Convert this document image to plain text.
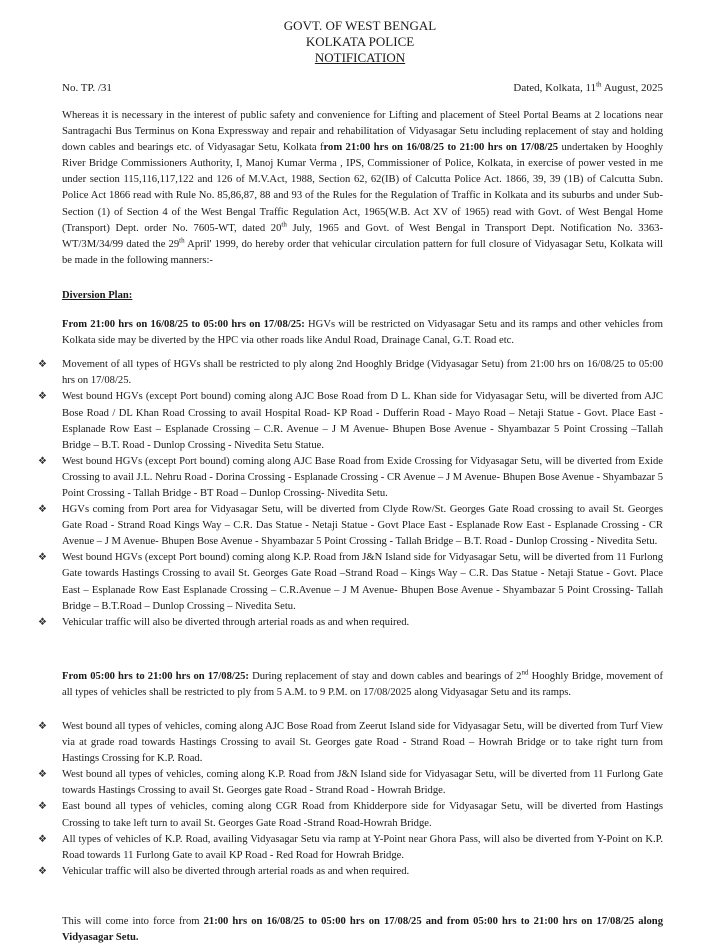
GOVT. OF WEST BENGAL
KOLKATA POLICE
NOTIFICATION
No. TP. /31	Dated, Kolkata, 11th August, 2025

Whereas it is necessary in the interest of public safety and convenience for Lifting and placement of Steel Portal Beams at 2 locations near Santragachi Bus Terminus on Kona Expressway and repair and rehabilitation of Vidyasagar Setu including replacement of stay and holding down cables and bearings etc. of Vidyasagar Setu, Kolkata from 21:00 hrs on 16/08/25 to 21:00 hrs on 17/08/25 undertaken by Hooghly River Bridge Commissioners Authority, I, Manoj Kumar Verma , IPS, Commissioner of Police, Kolkata, in exercise of power vested in me under section 115,116,117,122 and 126 of M.V.Act, 1988, Section 62, 62(IB) of Calcutta Police Act. 1866, 39, 39 (1B) of Calcutta Subn. Police Act 1866 read with Rule No. 85,86,87, 88 and 93 of the Rules for the Regulation of Traffic in Kolkata and its suburbs and under Sub-Section (1) of Section 4 of the West Bengal Traffic Regulation Act, 1965(W.B. Act XV of 1965) read with Govt. of West Bengal Home (Transport) Dept. order No. 7605-WT, dated 20th July, 1965 and Govt. of West Bengal in Transport Dept. Notification No. 3363-WT/3M/34/99 dated the 29th April' 1999, do hereby order that vehicular circulation pattern for full closure of Vidyasagar Setu, Kolkata will be made in the following manners:-

Diversion Plan:

From 21:00 hrs on 16/08/25 to 05:00 hrs on 17/08/25: HGVs will be restricted on Vidyasagar Setu and its ramps and other vehicles from Kolkata side may be diverted by the HPC via other roads like Andul Road, Drainage Canal, G.T. Road etc.

❖ Movement of all types of HGVs shall be restricted to ply along 2nd Hooghly Bridge (Vidyasagar Setu) from 21:00 hrs on 16/08/25 to 05:00 hrs on 17/08/25.
❖ West bound HGVs (except Port bound) coming along AJC Bose Road from D L. Khan side for Vidyasagar Setu, will be diverted from AJC Bose Road / DL Khan Road Crossing to avail Hospital Road- KP Road - Dufferin Road - Mayo Road – Netaji Statue - Govt. Place East - Esplanade Row East – Esplanade Crossing – C.R. Avenue – J M Avenue- Bhupen Bose Avenue - Shyambazar 5 Point Crossing –Tallah Bridge – B.T. Road - Dunlop Crossing - Nivedita Setu Statue.
❖ West bound HGVs (except Port bound) coming along AJC Base Road from Exide Crossing for Vidyasagar Setu, will be diverted from Exide Crossing to avail J.L. Nehru Road - Dorina Crossing - Esplanade Crossing - CR Avenue – J M Avenue- Bhupen Bose Avenue - Shyambazar 5 Point Crossing - Tallah Bridge - BT Road – Dunlop Crossing- Nivedita Setu.
❖ HGVs coming from Port area for Vidyasagar Setu, will be diverted from Clyde Row/St. Georges Gate Road crossing to avail St. Georges Gate Road - Strand Road Kings Way – C.R. Das Statue - Netaji Statue - Govt Place East - Esplanade Row East - Esplanade Crossing - CR Avenue – J M Avenue- Bhupen Bose Avenue - Shyambazar 5 Point Crossing - Tallah Bridge – B.T. Road - Dunlop Crossing - Nivedita Setu.
❖ West bound HGVs (except Port bound) coming along K.P. Road from J&N Island side for Vidyasagar Setu, will be diverted from 11 Furlong Gate towards Hastings Crossing to avail St. Georges Gate Road –Strand Road – Kings Way – C.R. Das Statue - Netaji Statue - Govt. Place East – Esplanade Row East Esplanade Crossing – C.R.Avenue – J M Avenue- Bhupen Bose Avenue - Shyambazar 5 Point Crossing- Tallah Bridge – B.T.Road – Dunlop Crossing – Nivedita Setu.
❖ Vehicular traffic will also be diverted through arterial roads as and when required.

From 05:00 hrs to 21:00 hrs on 17/08/25: During replacement of stay and down cables and bearings of 2nd Hooghly Bridge, movement of all types of vehicles shall be restricted to ply from 5 A.M. to 9 P.M. on 17/08/2025 along Vidyasagar Setu and its ramps.

❖ West bound all types of vehicles, coming along AJC Bose Road from Zeerut Island side for Vidyasagar Setu, will be diverted from Turf View via at grade road towards Hastings Crossing to avail St. Georges gate Road - Strand Road – Howrah Bridge or to take right turn from Hastings Crossing for K.P. Road.
❖ West bound all types of vehicles, coming along K.P. Road from J&N Island side for Vidyasagar Setu, will be diverted from 11 Furlong Gate towards Hastings Crossing to avail St. Georges gate Road - Strand Road - Howrah Bridge.
❖ East bound all types of vehicles, coming along CGR Road from Khidderpore side for Vidyasagar Setu, will be diverted from Hastings Crossing to take left turn to avail St. Georges Gate Road -Strand Road-Howrah Bridge.
❖ All types of vehicles of K.P. Road, availing Vidyasagar Setu via ramp at Y-Point near Ghora Pass, will also be diverted from Y-Point on K.P. Road towards 11 Furlong Gate to avail KP Road - Red Road for Howrah Bridge.
❖ Vehicular traffic will also be diverted through arterial roads as and when required.

This will come into force from 21:00 hrs on 16/08/25 to 05:00 hrs on 17/08/25 and from 05:00 hrs to 21:00 hrs on 17/08/25 along Vidyasagar Setu.
